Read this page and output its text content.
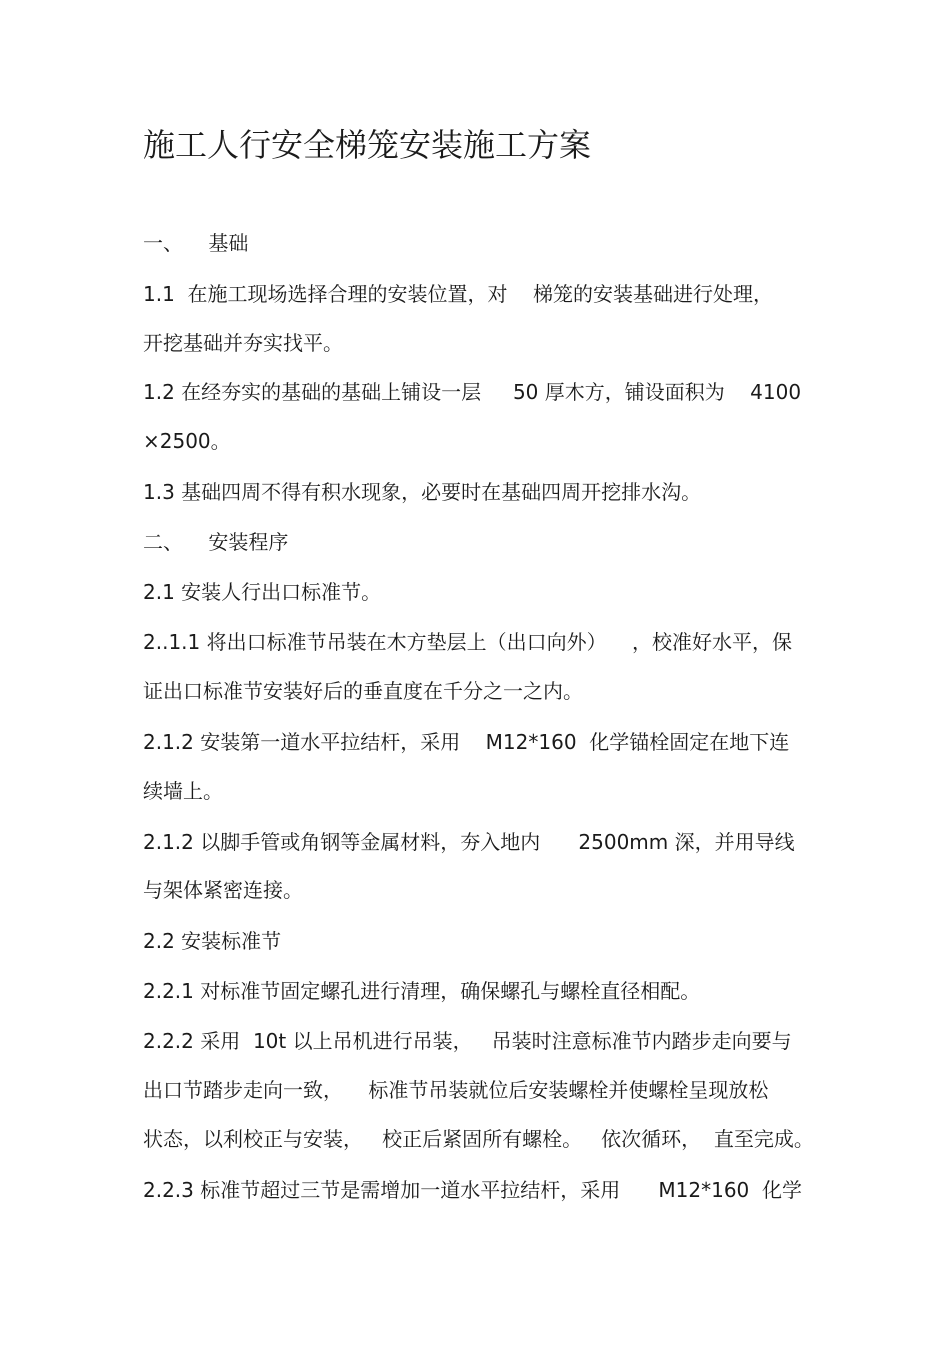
施工人行安全梯笼安装施工方案
一、    基础
1.1  在施工现场选择合理的安装位置，对    梯笼的安装基础进行处理，
开挖基础并夯实找平。
1.2 在经夯实的基础的基础上铺设一层     50 厚木方，铺设面积为    4100
×2500。
1.3 基础四周不得有积水现象，必要时在基础四周开挖排水沟。
二、    安装程序
2.1 安装人行出口标准节。
2..1.1 将出口标准节吊装在木方垫层上（出口向外）    ，校准好水平，保
证出口标准节安装好后的垂直度在千分之一之内。
2.1.2 安装第一道水平拉结杆，采用    M12*160  化学锚栓固定在地下连
续墙上。
2.1.2 以脚手管或角钢等金属材料，夯入地内      2500mm 深，并用导线
与架体紧密连接。
2.2 安装标准节
2.2.1 对标准节固定螺孔进行清理，确保螺孔与螺栓直径相配。
2.2.2 采用  10t 以上吊机进行吊装，   吊装时注意标准节内踏步走向要与
出口节踏步走向一致，    标准节吊装就位后安装螺栓并使螺栓呈现放松
状态，以利校正与安装，   校正后紧固所有螺栓。   依次循环，  直至完成。
2.2.3 标准节超过三节是需增加一道水平拉结杆，采用      M12*160  化学
